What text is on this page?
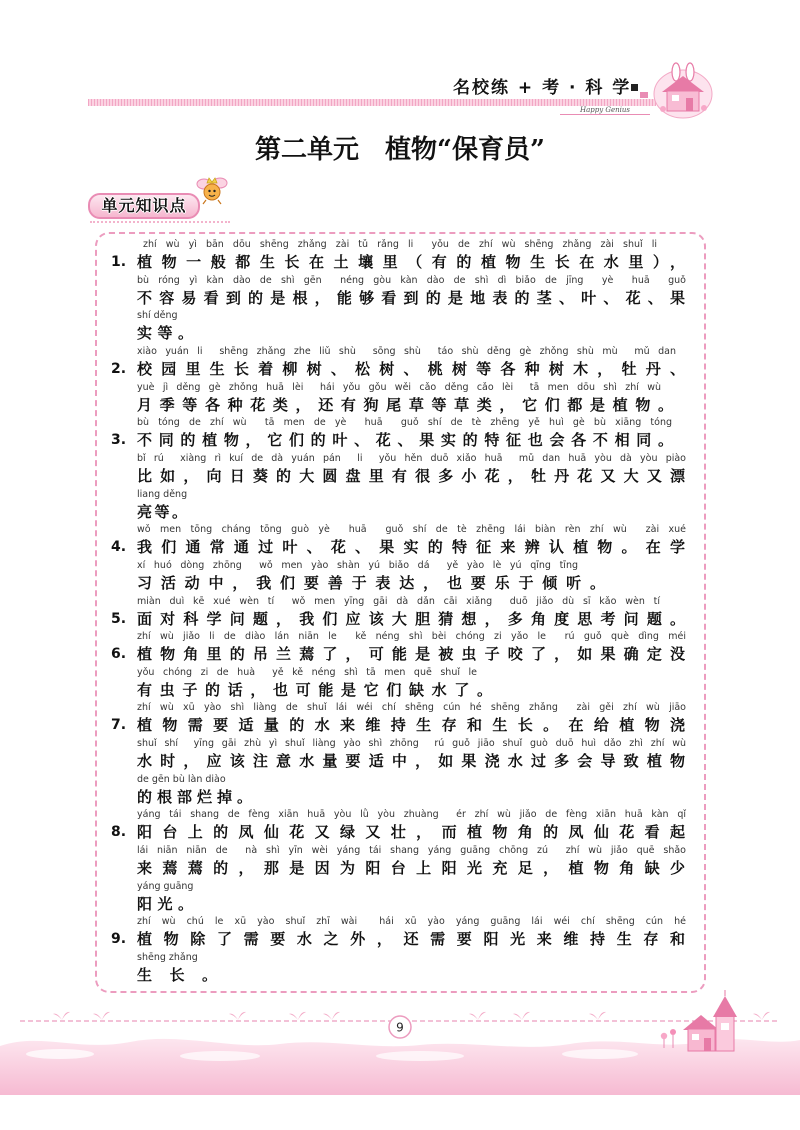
名校练 + 考 · 科 学
Happy Genius
第二单元　植物“保育员”
单元知识点
zhí wù yì bān dōu shēng zhǎng zài tǔ rǎng li  yǒu de zhí wù shēng zhǎng zài shuǐ li
植物一般都生长在土壤里（有的植物生长在水里），
1.
bù róng yì kàn dào de shì gēn  néng gòu kàn dào de shì dì biǎo de jīng  yè  huā  guǒ
不容易看到的是根，能够看到的是地表的茎、叶、花、果
shí děng
实等。
xiào yuán li  shēng zhǎng zhe liǔ shù  sōng shù  táo shù děng gè zhǒng shù mù  mǔ dan
校园里生长着柳树、松树、桃树等各种树木，牡丹、
2.
yuè jì děng gè zhǒng huā lèi  hái yǒu gǒu wěi cǎo děng cǎo lèi  tā men dōu shì zhí wù
月季等各种花类，还有狗尾草等草类，它们都是植物。
bù tóng de zhí wù  tā men de yè  huā  guǒ shí de tè zhēng yě huì gè bù xiāng tóng
不同的植物，它们的叶、花、果实的特征也会各不相同。
3.
bǐ rú  xiàng rì kuí de dà yuán pán  li  yǒu hěn duō xiǎo huā  mǔ dan huā yòu dà yòu piào
比如，向日葵的大圆盘里有很多小花，牡丹花又大又漂
liang děng
亮等。
wǒ men tōng cháng tōng guò yè  huā  guǒ shí de tè zhēng lái biàn rèn zhí wù  zài xué
我们通常通过叶、花、果实的特征来辨认植物。在学
4.
xí huó dòng zhōng  wǒ men yào shàn yú biǎo dá  yě yào lè yú qīng tīng
习活动中，我们要善于表达，也要乐于倾听。
miàn duì kē xué wèn tí  wǒ men yīng gāi dà dǎn cāi xiǎng  duō jiǎo dù sī kǎo wèn tí
面对科学问题，我们应该大胆猜想，多角度思考问题。
5.
zhí wù jiǎo li de diào lán niān le  kě néng shì bèi chóng zi yǎo le  rú guǒ què dìng méi
植物角里的吊兰蔫了，可能是被虫子咬了，如果确定没
6.
yǒu chóng zi de huà  yě kě néng shì tā men quē shuǐ le
有虫子的话，也可能是它们缺水了。
zhí wù xū yào shì liàng de shuǐ lái wéi chí shēng cún hé shēng zhǎng  zài gěi zhí wù jiāo
植物需要适量的水来维持生存和生长。在给植物浇
7.
shuǐ shí  yīng gāi zhù yì shuǐ liàng yào shì zhōng  rú guǒ jiāo shuǐ guò duō huì dǎo zhì zhí wù
水时，应该注意水量要适中，如果浇水过多会导致植物
de gēn bù làn diào
的根部烂掉。
yáng tái shang de fèng xiān huā yòu lǜ yòu zhuàng  ér zhí wù jiǎo de fèng xiān huā kàn qǐ
阳台上的凤仙花又绿又壮，而植物角的凤仙花看起
8.
lái niān niān de  nà shì yīn wèi yáng tái shang yáng guāng chōng zú  zhí wù jiǎo quē shǎo
来蔫蔫的，那是因为阳台上阳光充足，植物角缺少
yáng guāng
阳光。
zhí wù chú le xū yào shuǐ zhī wài  hái xū yào yáng guāng lái wéi chí shēng cún hé
植物除了需要水之外，还需要阳光来维持生存和
9.
shēng zhǎng
生长。
9
